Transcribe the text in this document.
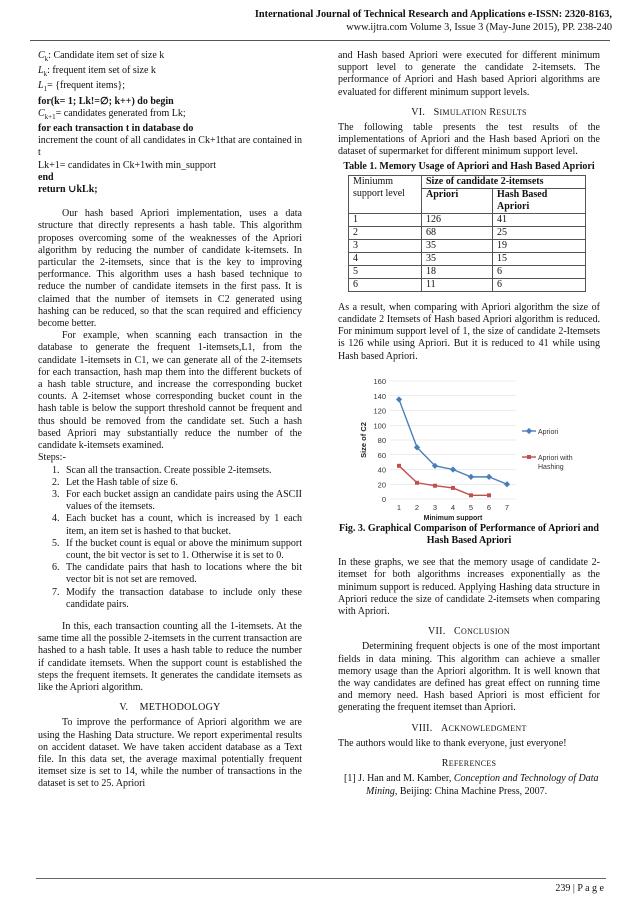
International Journal of Technical Research and Applications e-ISSN: 2320-8163,
www.ijtra.com Volume 3, Issue 3 (May-June 2015), PP. 238-240

$C_k$: Candidate item set of size k

$L_k$: frequent item set of size k

$L_1=$ {frequent items};

for(k= 1; Lk!=∅; k++) do begin

$C_{k+1}=$ candidates generated from Lk;

for each transaction t in database do

increment the count of all candidates in Ck+1that are contained in t

Lk+1= candidates in Ck+1with min_support

end

return ∪kLk;

Our hash based Apriori implementation, uses a data structure that directly represents a hash table. This algorithm proposes overcoming some of the weaknesses of the Apriori algorithm by reducing the number of candidate k-itemsets. In particular the 2-itemsets, since that is the key to improving performance. This algorithm uses a hash based technique to reduce the number of candidate itemsets in the first pass. It is claimed that the number of itemsets in C2 generated using hashing can be reduced, so that the scan required and efficiency become better.

For example, when scanning each transaction in the database to generate the frequent 1-itemsets,L1, from the candidate 1-itemsets in C1, we can generate all of the 2-itemsets for each transaction, hash map them into the different buckets of a hash table structure, and increase the corresponding bucket counts. A 2-itemset whose corresponding bucket count in the hash table is below the support threshold cannot be frequent and thus should be removed from the candidate set. Such a hash based Apriori may substantially reduce the number of the candidate k-itemsets examined.

Steps:-

1. Scan all the transaction. Create possible 2-itemsets.
2. Let the Hash table of size 6.
3. For each bucket assign an candidate pairs using the ASCII values of the itemsets.
4. Each bucket has a count, which is increased by 1 each item, an item set is hashed to that bucket.
5. If the bucket count is equal or above the minimum support count, the bit vector is set to 1. Otherwise it is set to 0.
6. The candidate pairs that hash to locations where the bit vector bit is not set are removed.
7. Modify the transaction database to include only these candidate pairs.

In this, each transaction counting all the 1-itemsets. At the same time all the possible 2-itemsets in the current transaction are hashed to a hash table. It uses a hash table to reduce the number if candidate itemsets. When the support count is established the steps the frequent itemsets. It generates the candidate itemsets as like the Apriori algorithm.

V. METHODOLOGY

To improve the performance of Apriori algorithm we are using the Hashing Data structure. We report experimental results on accident dataset. We have taken accident database as a Text file. In this data set, the average maximal potentially frequent itemset size is set to 14, while the number of transactions in the dataset is set to 25. Apriori

and Hash based Apriori were executed for different minimum support level to generate the candidate 2-itemsets. The performance of Apriori and Hash based Apriori algorithms are evaluated for different minimum support levels.

VI. SIMULATION RESULTS

The following table presents the test results of the implementations of Apriori and the Hash based Apriori on the dataset of supermarket for different minimum support level.

Table 1. Memory Usage of Apriori and Hash Based Apriori
Miniumm support level	Size of candidate 2-itemsets	
	Apriori	Hash Based Apriori
1	126	41
2	68	25
3	35	19
4	35	15
5	18	6
6	11	6

As a result, when comparing with Apriori algorithm the size of candidate 2 Itemsets of Hash based Apriori algorithm is reduced. For minimum support level of 1, the size of candidate 2-Itemsets is 126 while using Apriori. But it is reduced to 41 while using Hash based Apriori.

0
20
40
60
80
100
120
140
160
1 2 3 4 5 6 7
Minimum support
Size of C2	Apriori
Apriori with
Hashing
Fig. 3. Graphical Comparison of Performance of Apriori and Hash Based Apriori

In these graphs, we see that the memory usage of candidate 2-itemset for both algorithms increases exponentially as the minimum support is reduced. Applying Hashing data structure in Apriori reduce the size of candidate 2-itemsets when comparing with Apriori.

VII. CONCLUSION

Determining frequent objects is one of the most important fields in data mining. This algorithm can achieve a smaller memory usage than the Apriori algorithm. It is well known that the way candidates are defined has great effect on running time and memory need. Hash based Apriori is most efficient for generating the frequent itemset than Apriori.

VIII. ACKNOWLEDGMENT

The authors would like to thank everyone, just everyone!

REFERENCES

[1] J. Han and M. Kamber, Conception and Technology of Data Mining, Beijing: China Machine Press, 2007.

239 | P a g e
